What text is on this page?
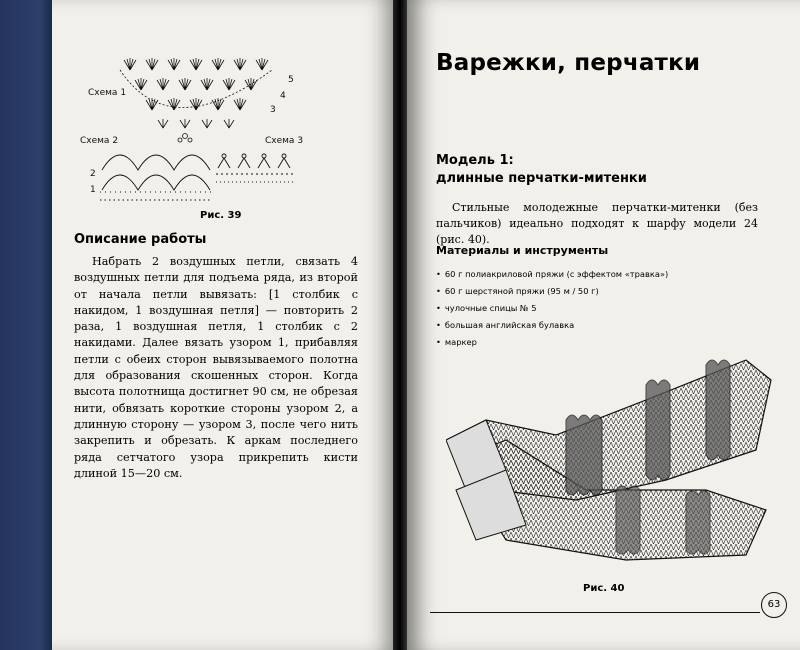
Схема 1
5
4
3
Схема 2
2
1
Схема 3
Рис. 39
Описание работы

Набрать 2 воздушных петли, связать 4 воздушных петли для подъема ряда, из второй от начала петли вывязать: [1 столбик с накидом, 1 воздушная петля] — повторить 2 раза, 1 воздушная петля, 1 столбик с 2 накидами. Далее вязать узором 1, прибавляя петли с обеих сторон вывязываемого полотна для образования скошенных сторон. Когда высота полотнища достигнет 90 см, не обрезая нити, обвязать короткие стороны узором 2, а длинную сторону — узором 3, после чего нить закрепить и обрезать. К аркам последнего ряда сетчатого узора прикрепить кисти длиной 15—20 см.

Варежки, перчатки
Модель 1:
длинные перчатки-митенки

Стильные молодежные перчатки-митенки (без пальчиков) идеально подходят к шарфу модели 24 (рис. 40).

Материалы и инструменты
• 60 г полиакриловой пряжи (с эффектом «травка»)
• 60 г шерстяной пряжи (95 м / 50 г)
• чулочные спицы № 5
• большая английская булавка
• маркер
Рис. 40
63
